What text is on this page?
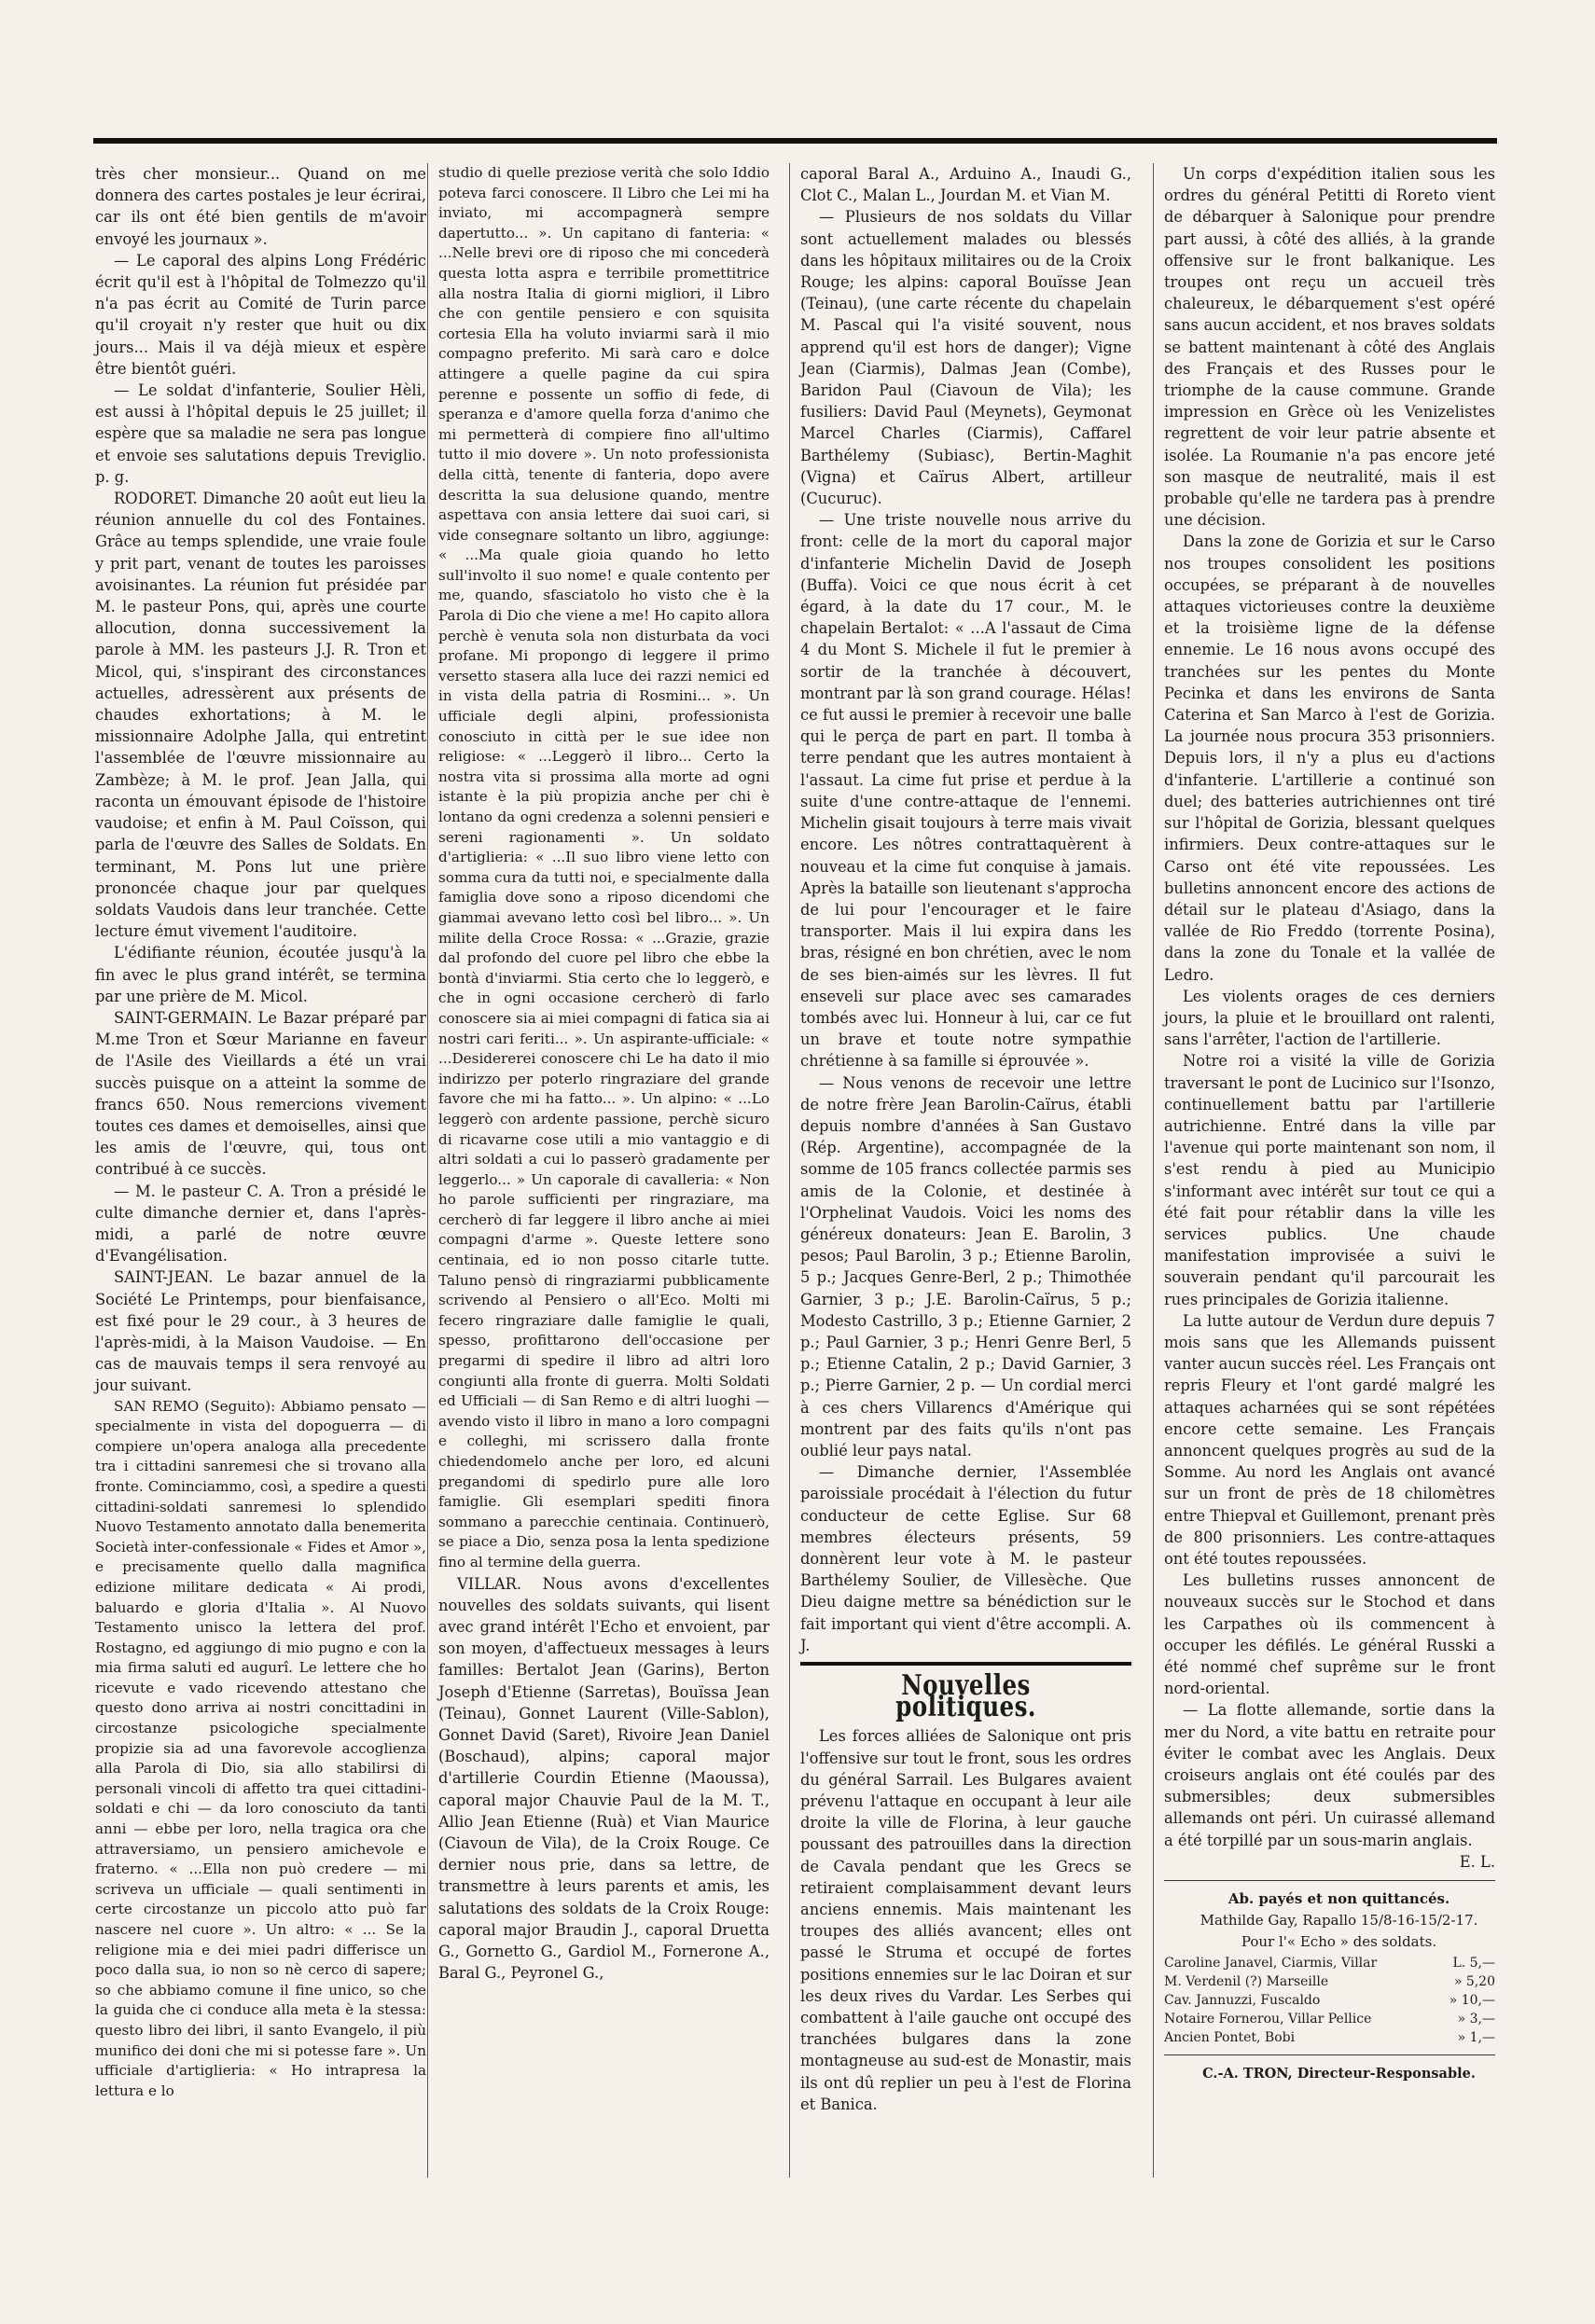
très cher monsieur... Quand on me donnera des cartes postales je leur écrirai, car ils ont été bien gentils de m'avoir envoyé les journaux ».

— Le caporal des alpins Long Frédéric écrit qu'il est à l'hôpital de Tolmezzo qu'il n'a pas écrit au Comité de Turin parce qu'il croyait n'y rester que huit ou dix jours... Mais il va déjà mieux et espère être bientôt guéri.

— Le soldat d'infanterie, Soulier Hèli, est aussi à l'hôpital depuis le 25 juillet; il espère que sa maladie ne sera pas longue et envoie ses salutations depuis Treviglio. p. g.

RODORET. Dimanche 20 août eut lieu la réunion annuelle du col des Fontaines. Grâce au temps splendide, une vraie foule y prit part, venant de toutes les paroisses avoisinantes. La réunion fut présidée par M. le pasteur Pons, qui, après une courte allocution, donna successivement la parole à MM. les pasteurs J.J. R. Tron et Micol, qui, s'inspirant des circonstances actuelles, adressèrent aux présents de chaudes exhortations; à M. le missionnaire Adolphe Jalla, qui entretint l'assemblée de l'œuvre missionnaire au Zambèze; à M. le prof. Jean Jalla, qui raconta un émouvant épisode de l'histoire vaudoise; et enfin à M. Paul Coïsson, qui parla de l'œuvre des Salles de Soldats. En terminant, M. Pons lut une prière prononcée chaque jour par quelques soldats Vaudois dans leur tranchée. Cette lecture émut vivement l'auditoire.

L'édifiante réunion, écoutée jusqu'à la fin avec le plus grand intérêt, se termina par une prière de M. Micol.

SAINT-GERMAIN. Le Bazar préparé par M.me Tron et Sœur Marianne en faveur de l'Asile des Vieillards a été un vrai succès puisque on a atteint la somme de francs 650. Nous remercions vivement toutes ces dames et demoiselles, ainsi que les amis de l'œuvre, qui, tous ont contribué à ce succès.

— M. le pasteur C. A. Tron a présidé le culte dimanche dernier et, dans l'après-midi, a parlé de notre œuvre d'Evangélisation.

SAINT-JEAN. Le bazar annuel de la Société Le Printemps, pour bienfaisance, est fixé pour le 29 cour., à 3 heures de l'après-midi, à la Maison Vaudoise. — En cas de mauvais temps il sera renvoyé au jour suivant.

SAN REMO (Seguito): Abbiamo pensato — specialmente in vista del dopoguerra — di compiere un'opera analoga alla precedente tra i cittadini sanremesi che si trovano alla fronte. Cominciammo, così, a spedire a questi cittadini-soldati sanremesi lo splendido Nuovo Testamento annotato dalla benemerita Società inter-confessionale « Fides et Amor », e precisamente quello dalla magnifica edizione militare dedicata « Ai prodi, baluardo e gloria d'Italia ». Al Nuovo Testamento unisco la lettera del prof. Rostagno, ed aggiungo di mio pugno e con la mia firma saluti ed augurî. Le lettere che ho ricevute e vado ricevendo attestano che questo dono arriva ai nostri concittadini in circostanze psicologiche specialmente propizie sia ad una favorevole accoglienza alla Parola di Dio, sia allo stabilirsi di personali vincoli di affetto tra quei cittadini-soldati e chi — da loro conosciuto da tanti anni — ebbe per loro, nella tragica ora che attraversiamo, un pensiero amichevole e fraterno. « ...Ella non può credere — mi scriveva un ufficiale — quali sentimenti in certe circostanze un piccolo atto può far nascere nel cuore ». Un altro: « ... Se la religione mia e dei miei padri differisce un poco dalla sua, io non so nè cerco di sapere; so che abbiamo comune il fine unico, so che la guida che ci conduce alla meta è la stessa: questo libro dei libri, il santo Evangelo, il più munifico dei doni che mi si potesse fare ». Un ufficiale d'artiglieria: « Ho intrapresa la lettura e lo

studio di quelle preziose verità che solo Iddio poteva farci conoscere. Il Libro che Lei mi ha inviato, mi accompagnerà sempre dapertutto... ». Un capitano di fanteria: « ...Nelle brevi ore di riposo che mi concederà questa lotta aspra e terribile promettitrice alla nostra Italia di giorni migliori, il Libro che con gentile pensiero e con squisita cortesia Ella ha voluto inviarmi sarà il mio compagno preferito. Mi sarà caro e dolce attingere a quelle pagine da cui spira perenne e possente un soffio di fede, di speranza e d'amore quella forza d'animo che mi permetterà di compiere fino all'ultimo tutto il mio dovere ». Un noto professionista della città, tenente di fanteria, dopo avere descritta la sua delusione quando, mentre aspettava con ansia lettere dai suoi cari, si vide consegnare soltanto un libro, aggiunge: « ...Ma quale gioia quando ho letto sull'involto il suo nome! e quale contento per me, quando, sfasciatolo ho visto che è la Parola di Dio che viene a me! Ho capito allora perchè è venuta sola non disturbata da voci profane. Mi propongo di leggere il primo versetto stasera alla luce dei razzi nemici ed in vista della patria di Rosmini... ». Un ufficiale degli alpini, professionista conosciuto in città per le sue idee non religiose: « ...Leggerò il libro... Certo la nostra vita si prossima alla morte ad ogni istante è la più propizia anche per chi è lontano da ogni credenza a solenni pensieri e sereni ragionamenti ». Un soldato d'artiglieria: « ...Il suo libro viene letto con somma cura da tutti noi, e specialmente dalla famiglia dove sono a riposo dicendomi che giammai avevano letto così bel libro... ». Un milite della Croce Rossa: « ...Grazie, grazie dal profondo del cuore pel libro che ebbe la bontà d'inviarmi. Stia certo che lo leggerò, e che in ogni occasione cercherò di farlo conoscere sia ai miei compagni di fatica sia ai nostri cari feriti... ». Un aspirante-ufficiale: « ...Desidererei conoscere chi Le ha dato il mio indirizzo per poterlo ringraziare del grande favore che mi ha fatto... ». Un alpino: « ...Lo leggerò con ardente passione, perchè sicuro di ricavarne cose utili a mio vantaggio e di altri soldati a cui lo passerò gradamente per leggerlo... » Un caporale di cavalleria: « Non ho parole sufficienti per ringraziare, ma cercherò di far leggere il libro anche ai miei compagni d'arme ». Queste lettere sono centinaia, ed io non posso citarle tutte. Taluno pensò di ringraziarmi pubblicamente scrivendo al Pensiero o all'Eco. Molti mi fecero ringraziare dalle famiglie le quali, spesso, profittarono dell'occasione per pregarmi di spedire il libro ad altri loro congiunti alla fronte di guerra. Molti Soldati ed Ufficiali — di San Remo e di altri luoghi — avendo visto il libro in mano a loro compagni e colleghi, mi scrissero dalla fronte chiedendomelo anche per loro, ed alcuni pregandomi di spedirlo pure alle loro famiglie. Gli esemplari spediti finora sommano a parecchie centinaia. Continuerò, se piace a Dio, senza posa la lenta spedizione fino al termine della guerra.

VILLAR. Nous avons d'excellentes nouvelles des soldats suivants, qui lisent avec grand intérêt l'Echo et envoient, par son moyen, d'affectueux messages à leurs familles: Bertalot Jean (Garins), Berton Joseph d'Etienne (Sarretas), Bouïssa Jean (Teinau), Gonnet Laurent (Ville-Sablon), Gonnet David (Saret), Rivoire Jean Daniel (Boschaud), alpins; caporal major d'artillerie Courdin Etienne (Maoussa), caporal major Chauvie Paul de la M. T., Allio Jean Etienne (Ruà) et Vian Maurice (Ciavoun de Vila), de la Croix Rouge. Ce dernier nous prie, dans sa lettre, de transmettre à leurs parents et amis, les salutations des soldats de la Croix Rouge: caporal major Braudin J., caporal Druetta G., Gornetto G., Gardiol M., Fornerone A., Baral G., Peyronel G.,

caporal Baral A., Arduino A., Inaudi G., Clot C., Malan L., Jourdan M. et Vian M.

— Plusieurs de nos soldats du Villar sont actuellement malades ou blessés dans les hôpitaux militaires ou de la Croix Rouge; les alpins: caporal Bouïsse Jean (Teinau), (une carte récente du chapelain M. Pascal qui l'a visité souvent, nous apprend qu'il est hors de danger); Vigne Jean (Ciarmis), Dalmas Jean (Combe), Baridon Paul (Ciavoun de Vila); les fusiliers: David Paul (Meynets), Geymonat Marcel Charles (Ciarmis), Caffarel Barthélemy (Subiasc), Bertin-Maghit (Vigna) et Caïrus Albert, artilleur (Cucuruc).

— Une triste nouvelle nous arrive du front: celle de la mort du caporal major d'infanterie Michelin David de Joseph (Buffa). Voici ce que nous écrit à cet égard, à la date du 17 cour., M. le chapelain Bertalot: « ...A l'assaut de Cima 4 du Mont S. Michele il fut le premier à sortir de la tranchée à découvert, montrant par là son grand courage. Hélas! ce fut aussi le premier à recevoir une balle qui le perça de part en part. Il tomba à terre pendant que les autres montaient à l'assaut. La cime fut prise et perdue à la suite d'une contre-attaque de l'ennemi. Michelin gisait toujours à terre mais vivait encore. Les nôtres contrattaquèrent à nouveau et la cime fut conquise à jamais. Après la bataille son lieutenant s'approcha de lui pour l'encourager et le faire transporter. Mais il lui expira dans les bras, résigné en bon chrétien, avec le nom de ses bien-aimés sur les lèvres. Il fut enseveli sur place avec ses camarades tombés avec lui. Honneur à lui, car ce fut un brave et toute notre sympathie chrétienne à sa famille si éprouvée ».

— Nous venons de recevoir une lettre de notre frère Jean Barolin-Caïrus, établi depuis nombre d'années à San Gustavo (Rép. Argentine), accompagnée de la somme de 105 francs collectée parmis ses amis de la Colonie, et destinée à l'Orphelinat Vaudois. Voici les noms des généreux donateurs: Jean E. Barolin, 3 pesos; Paul Barolin, 3 p.; Etienne Barolin, 5 p.; Jacques Genre-Berl, 2 p.; Thimothée Garnier, 3 p.; J.E. Barolin-Caïrus, 5 p.; Modesto Castrillo, 3 p.; Etienne Garnier, 2 p.; Paul Garnier, 3 p.; Henri Genre Berl, 5 p.; Etienne Catalin, 2 p.; David Garnier, 3 p.; Pierre Garnier, 2 p. — Un cordial merci à ces chers Villarencs d'Amérique qui montrent par des faits qu'ils n'ont pas oublié leur pays natal.

— Dimanche dernier, l'Assemblée paroissiale procédait à l'élection du futur conducteur de cette Eglise. Sur 68 membres électeurs présents, 59 donnèrent leur vote à M. le pasteur Barthélemy Soulier, de Villesèche. Que Dieu daigne mettre sa bénédiction sur le fait important qui vient d'être accompli. A. J.

Nouvelles politiques.

Les forces alliées de Salonique ont pris l'offensive sur tout le front, sous les ordres du général Sarrail. Les Bulgares avaient prévenu l'attaque en occupant à leur aile droite la ville de Florina, à leur gauche poussant des patrouilles dans la direction de Cavala pendant que les Grecs se retiraient complaisamment devant leurs anciens ennemis. Mais maintenant les troupes des alliés avancent; elles ont passé le Struma et occupé de fortes positions ennemies sur le lac Doiran et sur les deux rives du Vardar. Les Serbes qui combattent à l'aile gauche ont occupé des tranchées bulgares dans la zone montagneuse au sud-est de Monastir, mais ils ont dû replier un peu à l'est de Florina et Banica.

Un corps d'expédition italien sous les ordres du général Petitti di Roreto vient de débarquer à Salonique pour prendre part aussi, à côté des alliés, à la grande offensive sur le front balkanique. Les troupes ont reçu un accueil très chaleureux, le débarquement s'est opéré sans aucun accident, et nos braves soldats se battent maintenant à côté des Anglais des Français et des Russes pour le triomphe de la cause commune. Grande impression en Grèce où les Venizelistes regrettent de voir leur patrie absente et isolée. La Roumanie n'a pas encore jeté son masque de neutralité, mais il est probable qu'elle ne tardera pas à prendre une décision.

Dans la zone de Gorizia et sur le Carso nos troupes consolident les positions occupées, se préparant à de nouvelles attaques victorieuses contre la deuxième et la troisième ligne de la défense ennemie. Le 16 nous avons occupé des tranchées sur les pentes du Monte Pecinka et dans les environs de Santa Caterina et San Marco à l'est de Gorizia. La journée nous procura 353 prisonniers. Depuis lors, il n'y a plus eu d'actions d'infanterie. L'artillerie a continué son duel; des batteries autrichiennes ont tiré sur l'hôpital de Gorizia, blessant quelques infirmiers. Deux contre-attaques sur le Carso ont été vite repoussées. Les bulletins annoncent encore des actions de détail sur le plateau d'Asiago, dans la vallée de Rio Freddo (torrente Posina), dans la zone du Tonale et la vallée de Ledro.

Les violents orages de ces derniers jours, la pluie et le brouillard ont ralenti, sans l'arrêter, l'action de l'artillerie.

Notre roi a visité la ville de Gorizia traversant le pont de Lucinico sur l'Isonzo, continuellement battu par l'artillerie autrichienne. Entré dans la ville par l'avenue qui porte maintenant son nom, il s'est rendu à pied au Municipio s'informant avec intérêt sur tout ce qui a été fait pour rétablir dans la ville les services publics. Une chaude manifestation improvisée a suivi le souverain pendant qu'il parcourait les rues principales de Gorizia italienne.

La lutte autour de Verdun dure depuis 7 mois sans que les Allemands puissent vanter aucun succès réel. Les Français ont repris Fleury et l'ont gardé malgré les attaques acharnées qui se sont répétées encore cette semaine. Les Français annoncent quelques progrès au sud de la Somme. Au nord les Anglais ont avancé sur un front de près de 18 chilomètres entre Thiepval et Guillemont, prenant près de 800 prisonniers. Les contre-attaques ont été toutes repoussées.

Les bulletins russes annoncent de nouveaux succès sur le Stochod et dans les Carpathes où ils commencent à occuper les défilés. Le général Russki a été nommé chef suprême sur le front nord-oriental.

— La flotte allemande, sortie dans la mer du Nord, a vite battu en retraite pour éviter le combat avec les Anglais. Deux croiseurs anglais ont été coulés par des submersibles; deux submersibles allemands ont péri. Un cuirassé allemand a été torpillé par un sous-marin anglais.

E. L.

Ab. payés et non quittancés.

Mathilde Gay, Rapallo 15/8-16-15/2-17.

Pour l'« Echo » des soldats.

Caroline Janavel, Ciarmis, Villar	L. 5,—
M. Verdenil (?) Marseille	» 5,20
Cav. Jannuzzi, Fuscaldo	» 10,—
Notaire Fornerou, Villar Pellice	» 3,—
Ancien Pontet, Bobi	» 1,—

C.-A. TRON, Directeur-Responsable.
